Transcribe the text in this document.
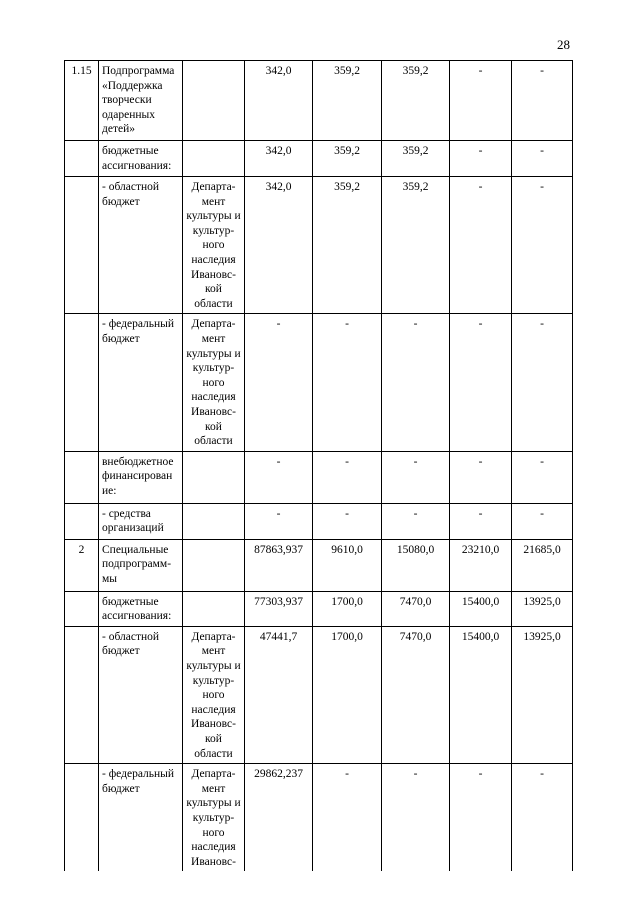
28
1.15	Подпрограмма «Поддержка творчески одаренных детей»		342,0	359,2	359,2	-	-
	бюджетные ассигнования:		342,0	359,2	359,2	-	-
	- областной бюджет	Департа-мент культуры и культур-ного наследия Ивановс-кой области	342,0	359,2	359,2	-	-
	- федеральный бюджет	Департа-мент культуры и культур-ного наследия Ивановс-кой области	-	-	-	-	-
	внебюджетное финансирован ие:		-	-	-	-	-
	- средства организаций		-	-	-	-	-
2	Специальные подпрограмм-мы		87863,937	9610,0	15080,0	23210,0	21685,0
	бюджетные ассигнования:		77303,937	1700,0	7470,0	15400,0	13925,0
	- областной бюджет	Департа-мент культуры и культур-ного наследия Ивановс-кой области	47441,7	1700,0	7470,0	15400,0	13925,0
	- федеральный бюджет	Департа-мент культуры и культур-ного наследия Ивановс-	29862,237	-	-	-	-
